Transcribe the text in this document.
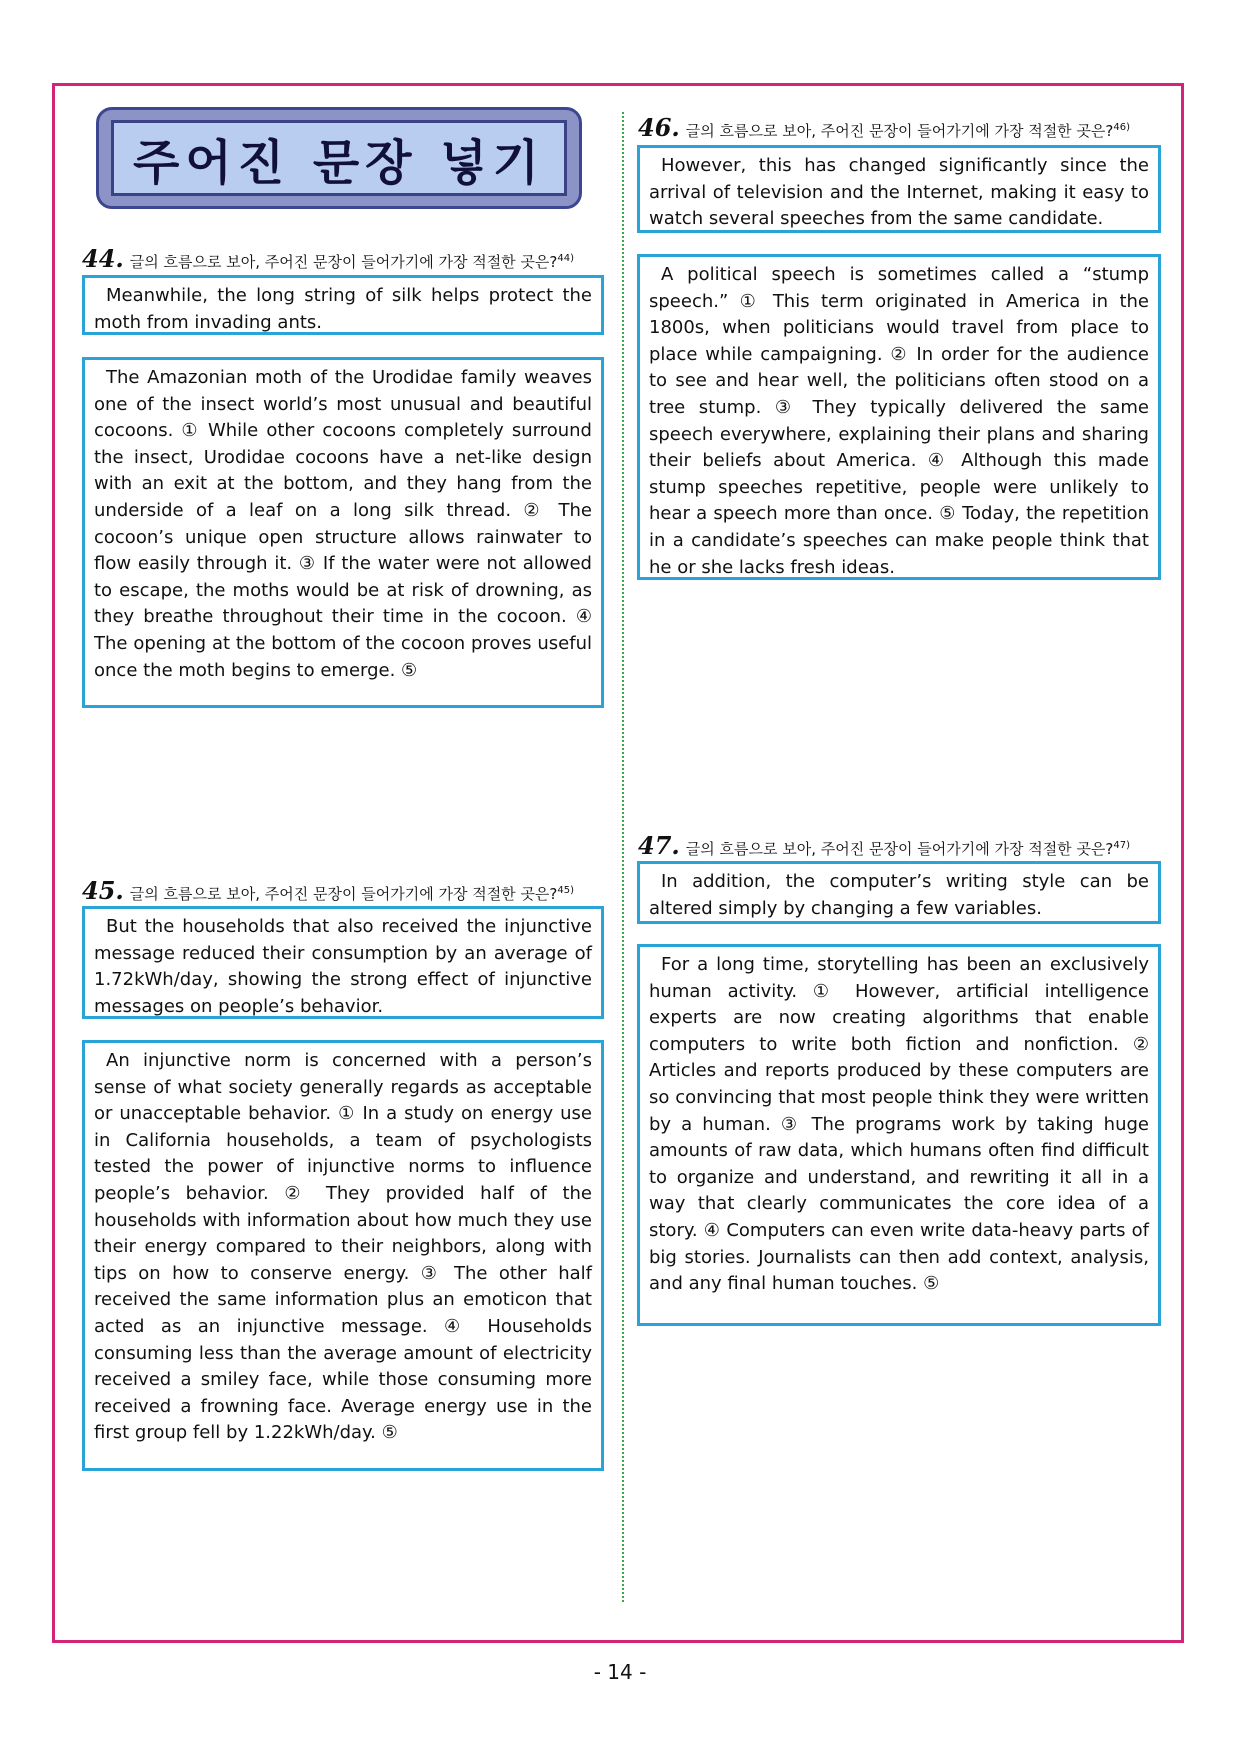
주어진 문장 넣기
44. 글의 흐름으로 보아, 주어진 문장이 들어가기에 가장 적절한 곳은?$^{44)}$
Meanwhile, the long string of silk helps protect the moth from invading ants.
The Amazonian moth of the Urodidae family weaves one of the insect world’s most unusual and beautiful cocoons. ① While other cocoons completely surround the insect, Urodidae cocoons have a net-like design with an exit at the bottom, and they hang from the underside of a leaf on a long silk thread. ② The cocoon’s unique open structure allows rainwater to flow easily through it. ③ If the water were not allowed to escape, the moths would be at risk of drowning, as they breathe throughout their time in the cocoon. ④ The opening at the bottom of the cocoon proves useful once the moth begins to emerge. ⑤
45. 글의 흐름으로 보아, 주어진 문장이 들어가기에 가장 적절한 곳은?$^{45)}$
But the households that also received the injunctive message reduced their consumption by an average of 1.72kWh/day, showing the strong effect of injunctive messages on people’s behavior.
An injunctive norm is concerned with a person’s sense of what society generally regards as acceptable or unacceptable behavior. ① In a study on energy use in California households, a team of psychologists tested the power of injunctive norms to influence people’s behavior. ② They provided half of the households with information about how much they use their energy compared to their neighbors, along with tips on how to conserve energy. ③ The other half received the same information plus an emoticon that acted as an injunctive message. ④ Households consuming less than the average amount of electricity received a smiley face, while those consuming more received a frowning face. Average energy use in the first group fell by 1.22kWh/day. ⑤
46. 글의 흐름으로 보아, 주어진 문장이 들어가기에 가장 적절한 곳은?$^{46)}$
However, this has changed significantly since the arrival of television and the Internet, making it easy to watch several speeches from the same candidate.
A political speech is sometimes called a “stump speech.” ① This term originated in America in the 1800s, when politicians would travel from place to place while campaigning. ② In order for the audience to see and hear well, the politicians often stood on a tree stump. ③ They typically delivered the same speech everywhere, explaining their plans and sharing their beliefs about America. ④ Although this made stump speeches repetitive, people were unlikely to hear a speech more than once. ⑤ Today, the repetition in a candidate’s speeches can make people think that he or she lacks fresh ideas.
47. 글의 흐름으로 보아, 주어진 문장이 들어가기에 가장 적절한 곳은?$^{47)}$
In addition, the computer’s writing style can be altered simply by changing a few variables.
For a long time, storytelling has been an exclusively human activity. ① However, artificial intelligence experts are now creating algorithms that enable computers to write both fiction and nonfiction. ② Articles and reports produced by these computers are so convincing that most people think they were written by a human. ③ The programs work by taking huge amounts of raw data, which humans often find difficult to organize and understand, and rewriting it all in a way that clearly communicates the core idea of a story. ④ Computers can even write data-heavy parts of big stories. Journalists can then add context, analysis, and any final human touches. ⑤
- 14 -
